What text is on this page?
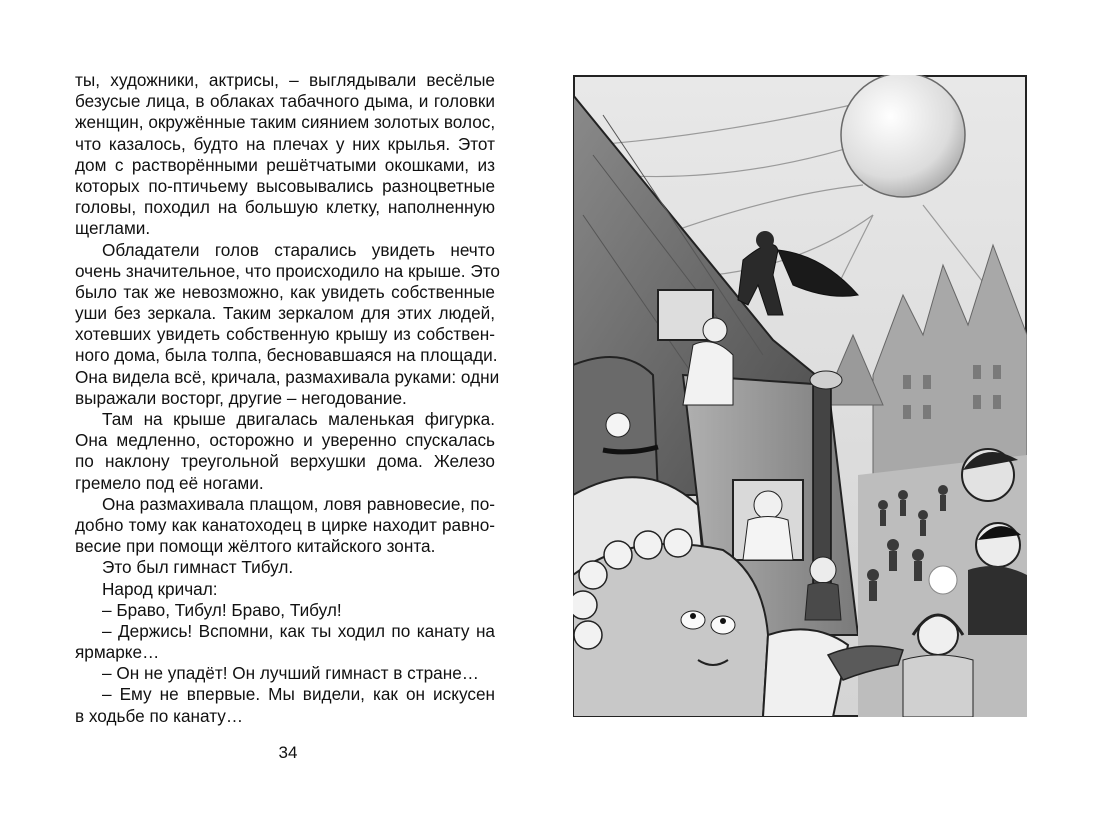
ты, художники, актрисы, – выглядывали весёлые
безусые лица, в облаках табачного дыма, и головки
женщин, окружённые таким сиянием золотых волос,
что казалось, будто на плечах у них крылья. Этот
дом с растворёнными решётчатыми окошками, из
которых по-птичьему высовывались разноцветные
головы, походил на большую клетку, наполненную
щеглами.
Обладатели голов старались увидеть нечто
очень значительное, что происходило на крыше. Это
было так же невозможно, как увидеть собственные
уши без зеркала. Таким зеркалом для этих людей,
хотевших увидеть собственную крышу из собствен-
ного дома, была толпа, бесновавшаяся на площади.
Она видела всё, кричала, размахивала руками: одни
выражали восторг, другие – негодование.
Там на крыше двигалась маленькая фигурка.
Она медленно, осторожно и уверенно спускалась
по наклону треугольной верхушки дома. Железо
гремело под её ногами.
Она размахивала плащом, ловя равновесие, по-
добно тому как канатоходец в цирке находит равно-
весие при помощи жёлтого китайского зонта.
Это был гимнаст Тибул.
Народ кричал:
– Браво, Тибул! Браво, Тибул!
– Держись! Вспомни, как ты ходил по канату на
ярмарке…
– Он не упадёт! Он лучший гимнаст в стране…
– Ему не впервые. Мы видели, как он искусен
в ходьбе по канату…
34
